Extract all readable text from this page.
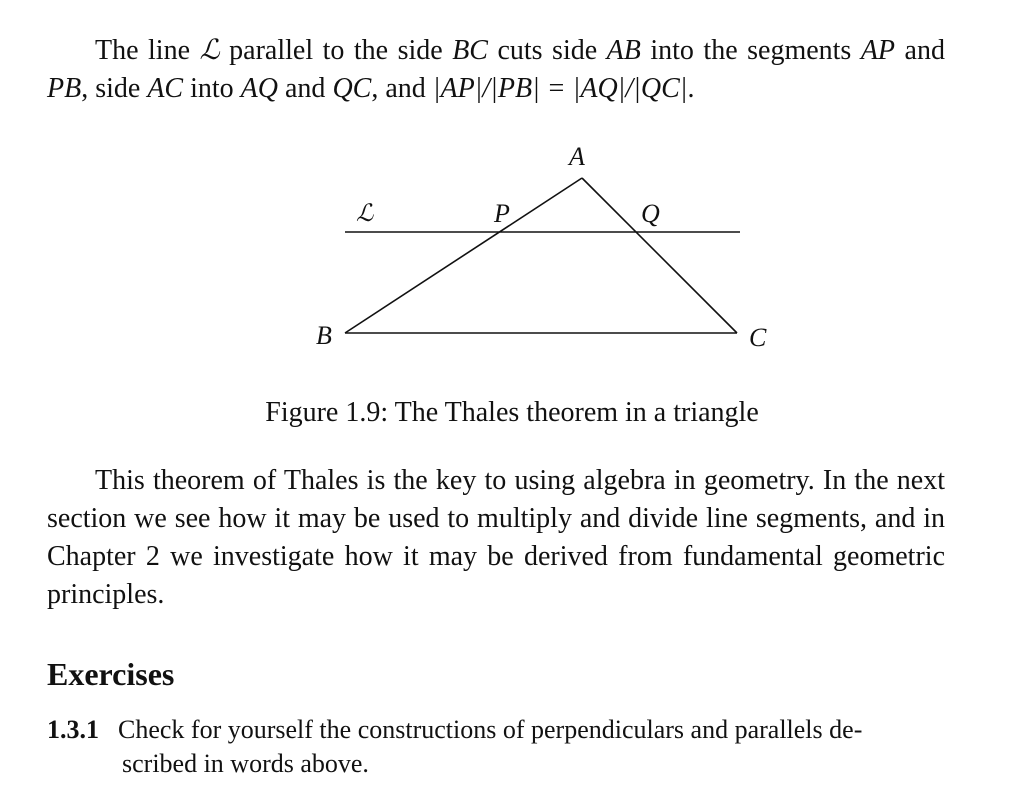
The line ℒ parallel to the side BC cuts side AB into the segments AP and PB, side AC into AQ and QC, and |AP|/|PB| = |AQ|/|QC|.

A
B	C
P	Q
ℒ

Figure 1.9: The Thales theorem in a triangle

This theorem of Thales is the key to using algebra in geometry. In the next section we see how it may be used to multiply and divide line segments, and in Chapter 2 we investigate how it may be derived from fundamental geometric principles.

Exercises
1.3.1 Check for yourself the constructions of perpendiculars and parallels de-
scribed in words above.
